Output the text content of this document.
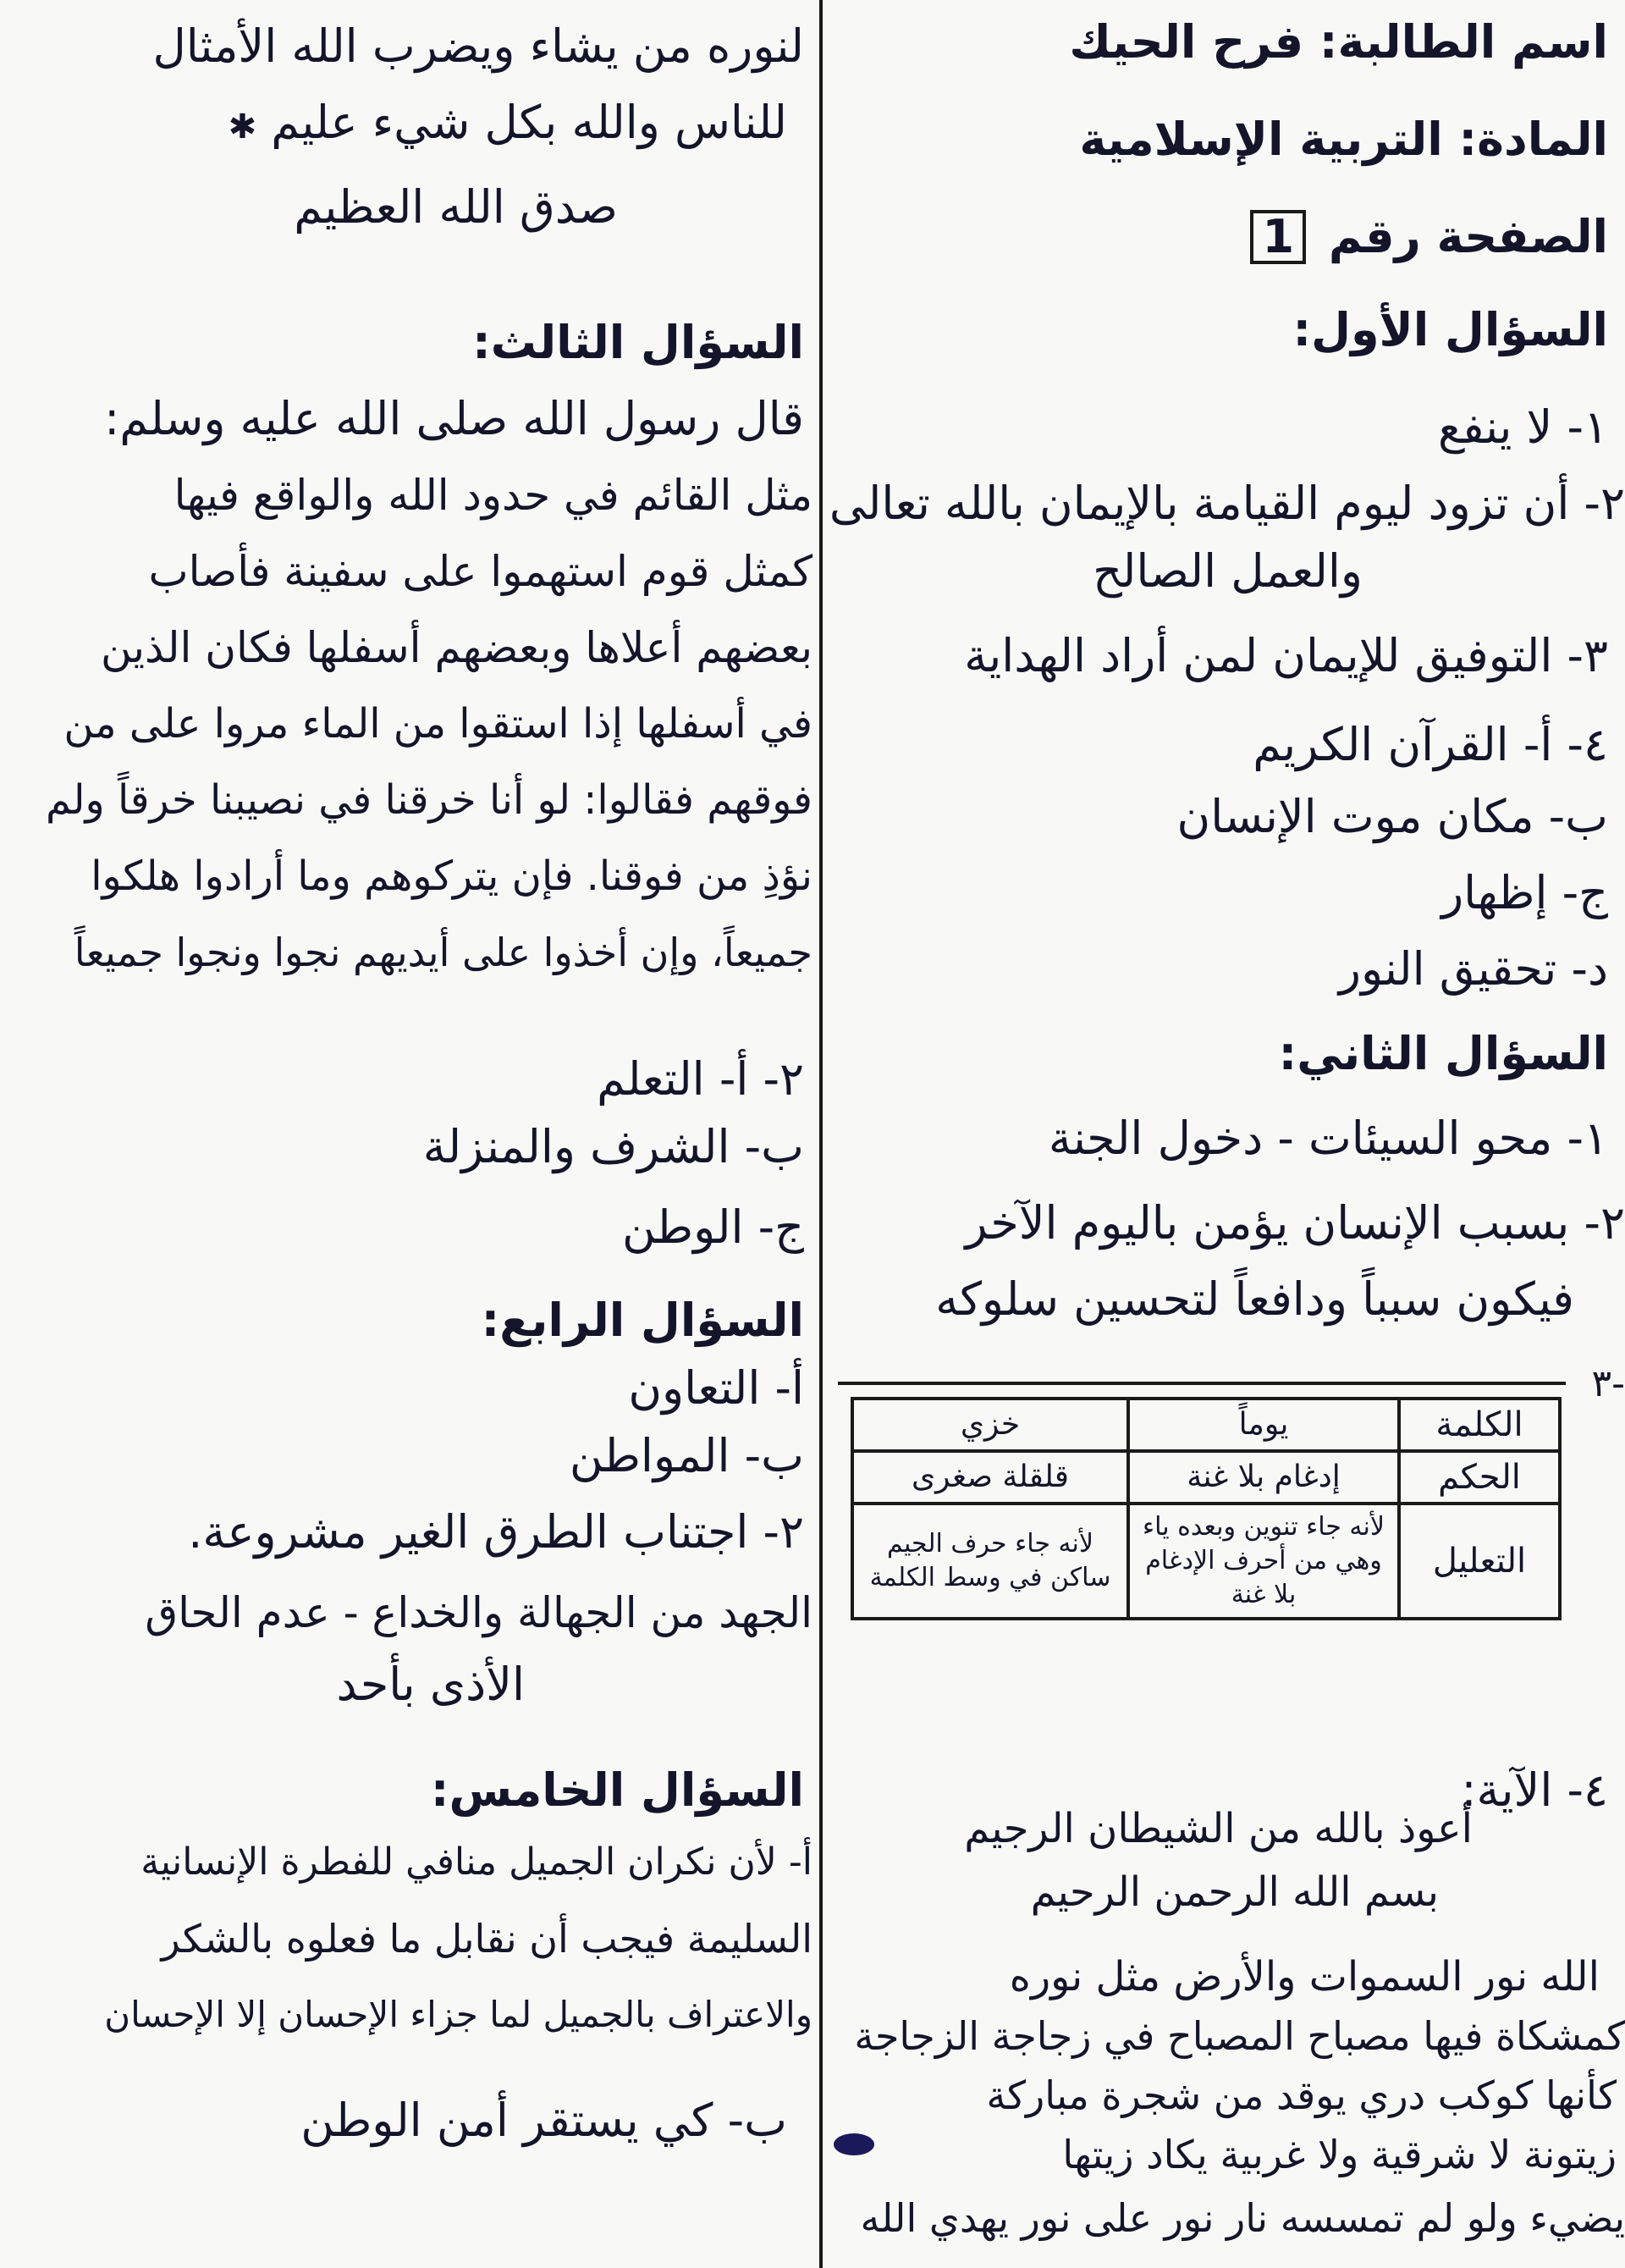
اسم الطالبة: فرح الحيك
المادة: التربية الإسلامية
الصفحة رقم 1
السؤال الأول:
١- لا ينفع
٢- أن تزود ليوم القيامة بالإيمان بالله تعالى
والعمل الصالح
٣- التوفيق للإيمان لمن أراد الهداية
٤- أ- القرآن الكريم
ب- مكان موت الإنسان
ج- إظهار
د- تحقيق النور
السؤال الثاني:
١- محو السيئات - دخول الجنة
٢- بسبب الإنسان يؤمن باليوم الآخر
فيكون سبباً ودافعاً لتحسين سلوكه
-٣
٤- الآية:
أعوذ بالله من الشيطان الرجيم
بسم الله الرحمن الرحيم
الله نور السموات والأرض مثل نوره
كمشكاة فيها مصباح المصباح في زجاجة الزجاجة
كأنها كوكب دري يوقد من شجرة مباركة
زيتونة لا شرقية ولا غربية يكاد زيتها
يضيء ولو لم تمسسه نار نور على نور يهدي الله
الكلمة	يوماً	خزي
الحكم	إدغام بلا غنة	قلقلة صغرى
التعليل	لأنه جاء تنوين وبعده ياء وهي من أحرف الإدغام بلا غنة	لأنه جاء حرف الجيم ساكن في وسط الكلمة
لنوره من يشاء ويضرب الله الأمثال
للناس والله بكل شيء عليم ✱
صدق الله العظيم
السؤال الثالث:
قال رسول الله صلى الله عليه وسلم:
مثل القائم في حدود الله والواقع فيها
كمثل قوم استهموا على سفينة فأصاب
بعضهم أعلاها وبعضهم أسفلها فكان الذين
في أسفلها إذا استقوا من الماء مروا على من
فوقهم فقالوا: لو أنا خرقنا في نصيبنا خرقاً ولم
نؤذِ من فوقنا. فإن يتركوهم وما أرادوا هلكوا
جميعاً، وإن أخذوا على أيديهم نجوا ونجوا جميعاً
٢- أ- التعلم
ب- الشرف والمنزلة
ج- الوطن
السؤال الرابع:
أ- التعاون
ب- المواطن
٢- اجتناب الطرق الغير مشروعة.
الجهد من الجهالة والخداع - عدم الحاق
الأذى بأحد
السؤال الخامس:
أ- لأن نكران الجميل منافي للفطرة الإنسانية
السليمة فيجب أن نقابل ما فعلوه بالشكر
والاعتراف بالجميل لما جزاء الإحسان إلا الإحسان
ب- كي يستقر أمن الوطن
